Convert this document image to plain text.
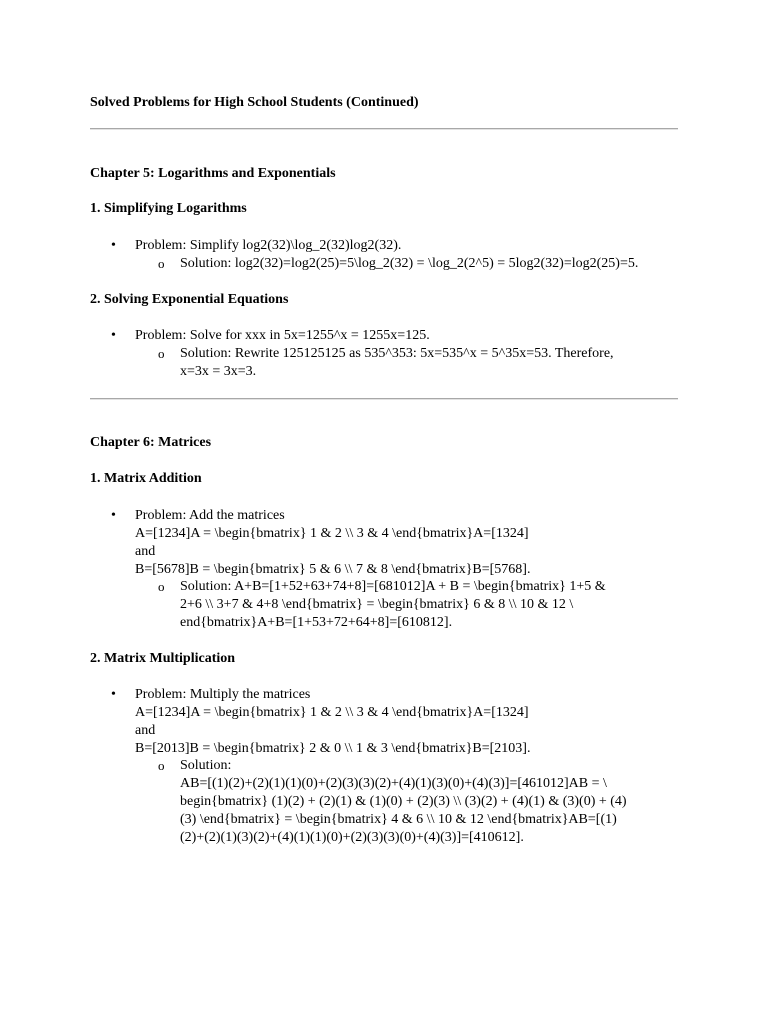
Solved Problems for High School Students (Continued)
Chapter 5: Logarithms and Exponentials
1. Simplifying Logarithms
• Problem: Simplify log2(32)\log_2(32)log2(32).
o Solution: log2(32)=log2(25)=5\log_2(32) = \log_2(2^5) = 5log2(32)=log2(25)=5.
2. Solving Exponential Equations
• Problem: Solve for xxx in 5x=1255^x = 1255x=125.
o Solution: Rewrite 125125125 as 535^353: 5x=535^x = 5^35x=53. Therefore,
x=3x = 3x=3.
Chapter 6: Matrices
1. Matrix Addition
• Problem: Add the matrices
A=[1234]A = \begin{bmatrix} 1 & 2 \\ 3 & 4 \end{bmatrix}A=[1324]
and
B=[5678]B = \begin{bmatrix} 5 & 6 \\ 7 & 8 \end{bmatrix}B=[5768].
o Solution: A+B=[1+52+63+74+8]=[681012]A + B = \begin{bmatrix} 1+5 &
2+6 \\ 3+7 & 4+8 \end{bmatrix} = \begin{bmatrix} 6 & 8 \\ 10 & 12 \
end{bmatrix}A+B=[1+53+72+64+8]=[610812].
2. Matrix Multiplication
• Problem: Multiply the matrices
A=[1234]A = \begin{bmatrix} 1 & 2 \\ 3 & 4 \end{bmatrix}A=[1324]
and
B=[2013]B = \begin{bmatrix} 2 & 0 \\ 1 & 3 \end{bmatrix}B=[2103].
o Solution:
AB=[(1)(2)+(2)(1)(1)(0)+(2)(3)(3)(2)+(4)(1)(3)(0)+(4)(3)]=[461012]AB = \
begin{bmatrix} (1)(2) + (2)(1) & (1)(0) + (2)(3) \\ (3)(2) + (4)(1) & (3)(0) + (4)
(3) \end{bmatrix} = \begin{bmatrix} 4 & 6 \\ 10 & 12 \end{bmatrix}AB=[(1)
(2)+(2)(1)(3)(2)+(4)(1)(1)(0)+(2)(3)(3)(0)+(4)(3)]=[410612].
